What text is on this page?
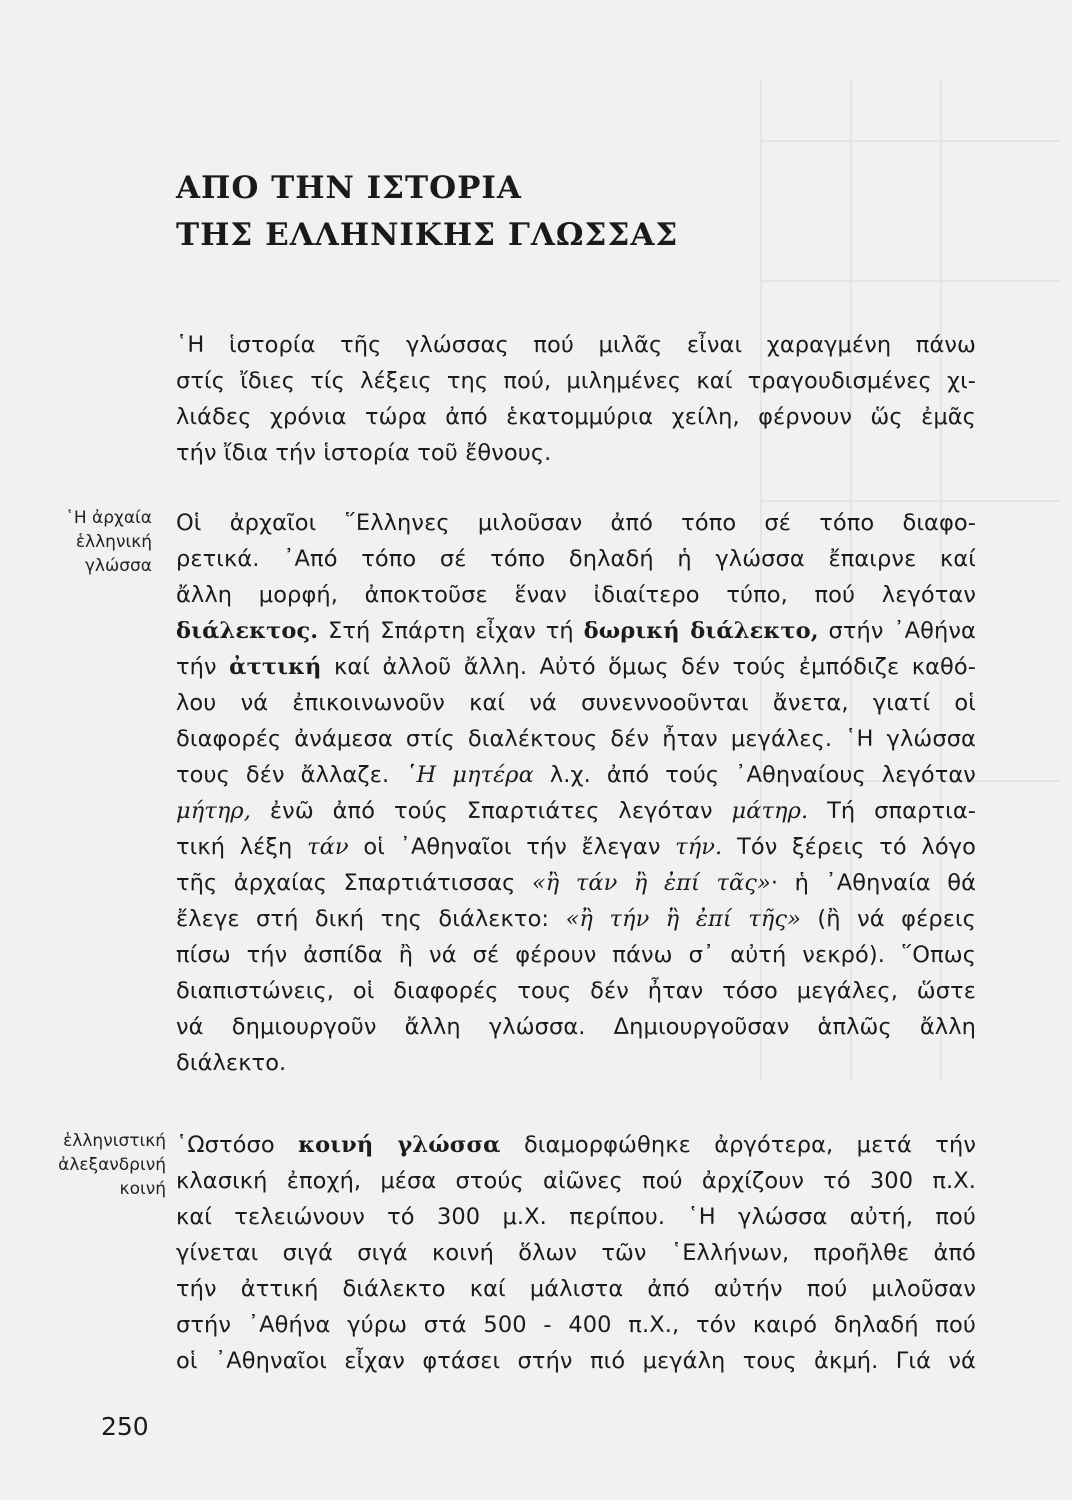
ΑΠΟ ΤΗΝ ΙΣΤΟΡΙΑ
ΤΗΣ ΕΛΛΗΝΙΚΗΣ ΓΛΩΣΣΑΣ

῾Η ἱστορία τῆς γλώσσας πού μιλᾶς εἶναι χαραγμένη πάνω
στίς ἴδιες τίς λέξεις της πού, μιλημένες καί τραγουδισμένες χι-
λιάδες χρόνια τώρα ἀπό ἑκατομμύρια χείλη, φέρνουν ὥς ἐμᾶς
τήν ἴδια τήν ἱστορία τοῦ ἔθνους.

῾Η ἀρχαία
ἑλληνική
γλώσσα

Οἱ ἀρχαῖοι ῞Ελληνες μιλοῦσαν ἀπό τόπο σέ τόπο διαφο-
ρετικά. ᾿Από τόπο σέ τόπο δηλαδή ἡ γλώσσα ἔπαιρνε καί
ἄλλη μορφή, ἀποκτοῦσε ἕναν ἰδιαίτερο τύπο, πού λεγόταν
διάλεκτος. Στή Σπάρτη εἶχαν τή δωρική διάλεκτο, στήν ᾿Αθήνα
τήν ἀττική καί ἀλλοῦ ἄλλη. Αὐτό ὅμως δέν τούς ἐμπόδιζε καθό-
λου νά ἐπικοινωνοῦν καί νά συνεννοοῦνται ἄνετα, γιατί οἱ
διαφορές ἀνάμεσα στίς διαλέκτους δέν ἦταν μεγάλες. ῾Η γλώσσα
τους δέν ἄλλαζε. ῾Η μητέρα λ.χ. ἀπό τούς ᾿Αθηναίους λεγόταν
μήτηρ, ἐνῶ ἀπό τούς Σπαρτιάτες λεγόταν μάτηρ. Τή σπαρτια-
τική λέξη τάν οἱ ᾿Αθηναῖοι τήν ἔλεγαν τήν. Τόν ξέρεις τό λόγο
τῆς ἀρχαίας Σπαρτιάτισσας «ἢ τάν ἢ ἐπί τᾶς»· ἡ ᾿Αθηναία θά
ἔλεγε στή δική της διάλεκτο: «ἢ τήν ἢ ἐπί τῆς» (ἢ νά φέρεις
πίσω τήν ἀσπίδα ἢ νά σέ φέρουν πάνω σ᾿ αὐτή νεκρό). ῞Οπως
διαπιστώνεις, οἱ διαφορές τους δέν ἦταν τόσο μεγάλες, ὥστε
νά δημιουργοῦν ἄλλη γλώσσα. Δημιουργοῦσαν ἁπλῶς ἄλλη
διάλεκτο.

ἑλληνιστική
ἀλεξανδρινή
κοινή

῾Ωστόσο κοινή γλώσσα διαμορφώθηκε ἀργότερα, μετά τήν
κλασική ἐποχή, μέσα στούς αἰῶνες πού ἀρχίζουν τό 300 π.Χ.
καί τελειώνουν τό 300 μ.Χ. περίπου. ῾Η γλώσσα αὐτή, πού
γίνεται σιγά σιγά κοινή ὅλων τῶν ῾Ελλήνων, προῆλθε ἀπό
τήν ἀττική διάλεκτο καί μάλιστα ἀπό αὐτήν πού μιλοῦσαν
στήν ᾿Αθήνα γύρω στά 500 - 400 π.Χ., τόν καιρό δηλαδή πού
οἱ ᾿Αθηναῖοι εἶχαν φτάσει στήν πιό μεγάλη τους ἀκμή. Γιά νά

250
